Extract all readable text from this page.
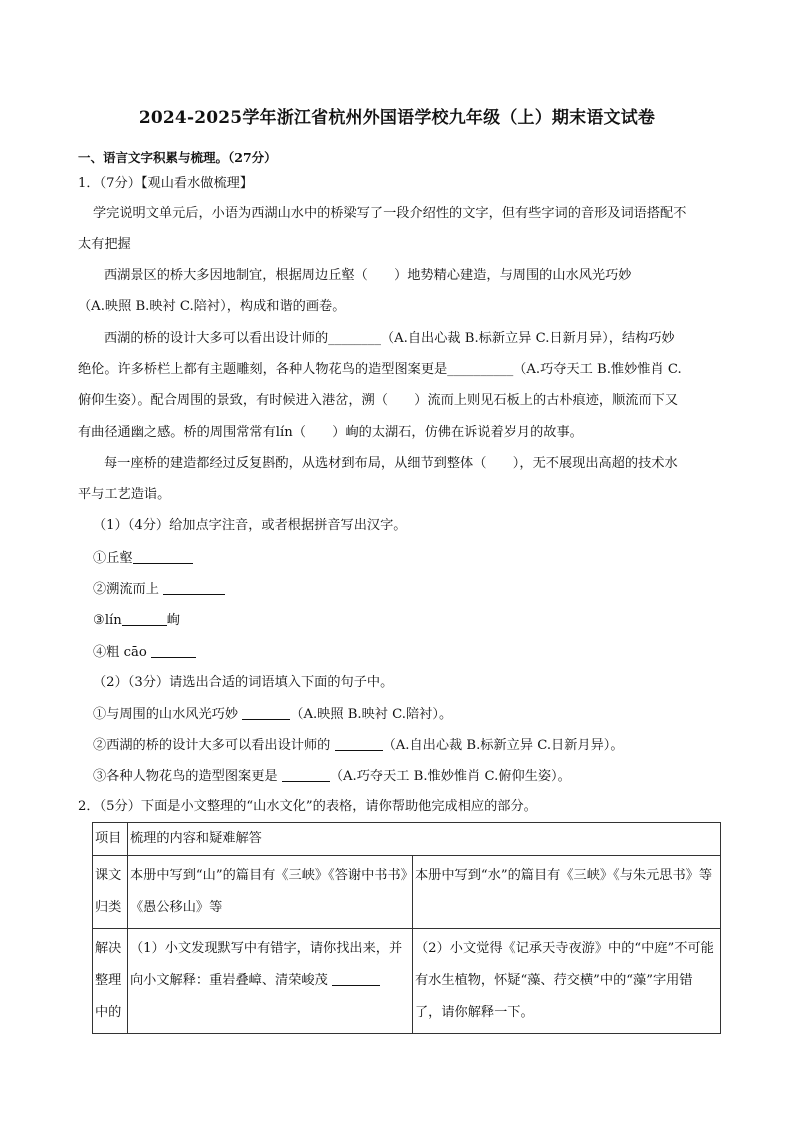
2024-2025学年浙江省杭州外国语学校九年级（上）期末语文试卷
一、语言文字积累与梳理。（27分）
1．（7分）【观山看水做梳理】
学完说明文单元后，小语为西湖山水中的桥梁写了一段介绍性的文字，但有些字词的音形及词语搭配不
太有把握
西湖景区的桥大多因地制宜，根据周边丘壑（　　）地势精心建造，与周围的山水风光巧妙
（A.映照 B.映衬 C.陪衬），构成和谐的画卷。
西湖的桥的设计大多可以看出设计师的________（A.自出心裁 B.标新立异 C.日新月异），结构巧妙
绝伦。许多桥栏上都有主题雕刻，各种人物花鸟的造型图案更是__________（A.巧夺天工 B.惟妙惟肖 C.
俯仰生姿）。配合周围的景致，有时候进入港岔，溯（　　）流而上则见石板上的古朴痕迹，顺流而下又
有曲径通幽之感。桥的周围常常有lín（　　）峋的太湖石，仿佛在诉说着岁月的故事。
每一座桥的建造都经过反复斟酌，从选材到布局，从细节到整体（　　），无不展现出高超的技术水
平与工艺造诣。
（1）（4分）给加点字注音，或者根据拼音写出汉字。
①丘壑
②溯流而上
③lín	峋
④粗 cāo
（2）（3分）请选出合适的词语填入下面的句子中。
①与周围的山水风光巧妙	（A.映照 B.映衬 C.陪衬）。
②西湖的桥的设计大多可以看出设计师的	（A.自出心裁 B.标新立异 C.日新月异）。
③各种人物花鸟的造型图案更是	（A.巧夺天工 B.惟妙惟肖 C.俯仰生姿）。
2．（5分）下面是小文整理的“山水文化”的表格，请你帮助他完成相应的部分。
项目	梳理的内容和疑难解答	
课文归类	本册中写到“山”的篇目有《三峡》《答谢中书书》《愚公移山》等	本册中写到“水”的篇目有《三峡》《与朱元思书》等
解决整理中的	（1）小文发现默写中有错字，请你找出来，并向小文解释：重岩叠嶂、清荣峻茂	（2）小文觉得《记承天寺夜游》中的“中庭”不可能有水生植物，怀疑“藻、荇交横”中的“藻”字用错了，请你解释一下。
